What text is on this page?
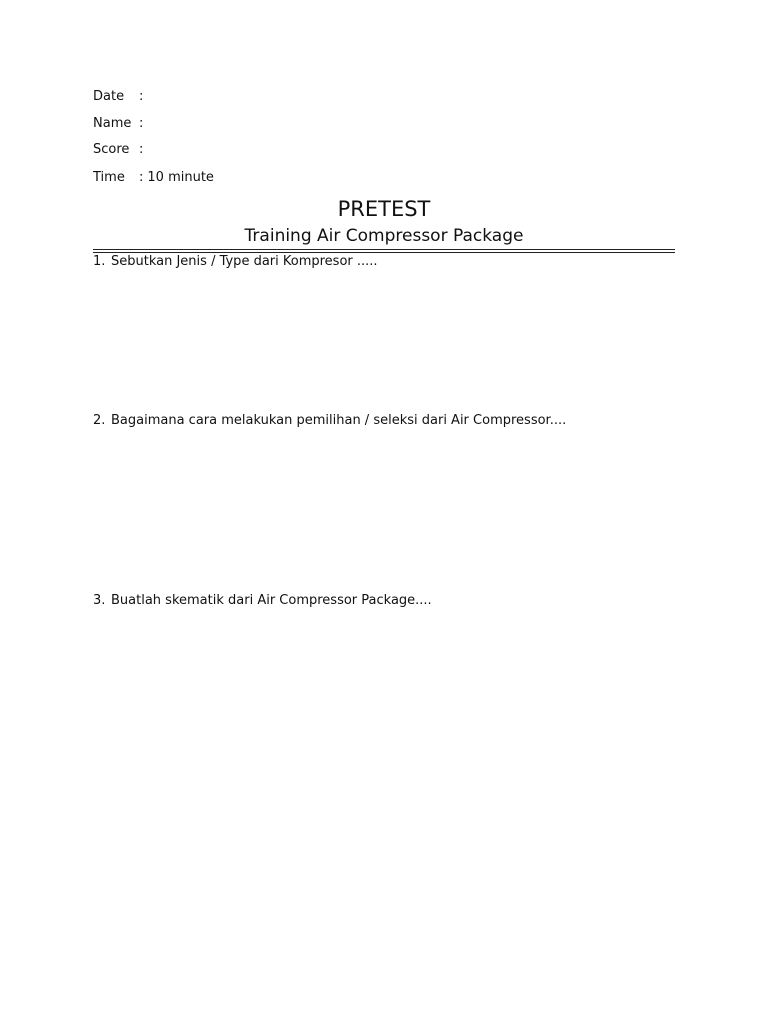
Date :
Name :
Score :
Time : 10 minute
PRETEST
Training Air Compressor Package
1. Sebutkan Jenis / Type dari Kompresor .....
2. Bagaimana cara melakukan pemilihan / seleksi dari Air Compressor....
3. Buatlah skematik dari Air Compressor Package....
